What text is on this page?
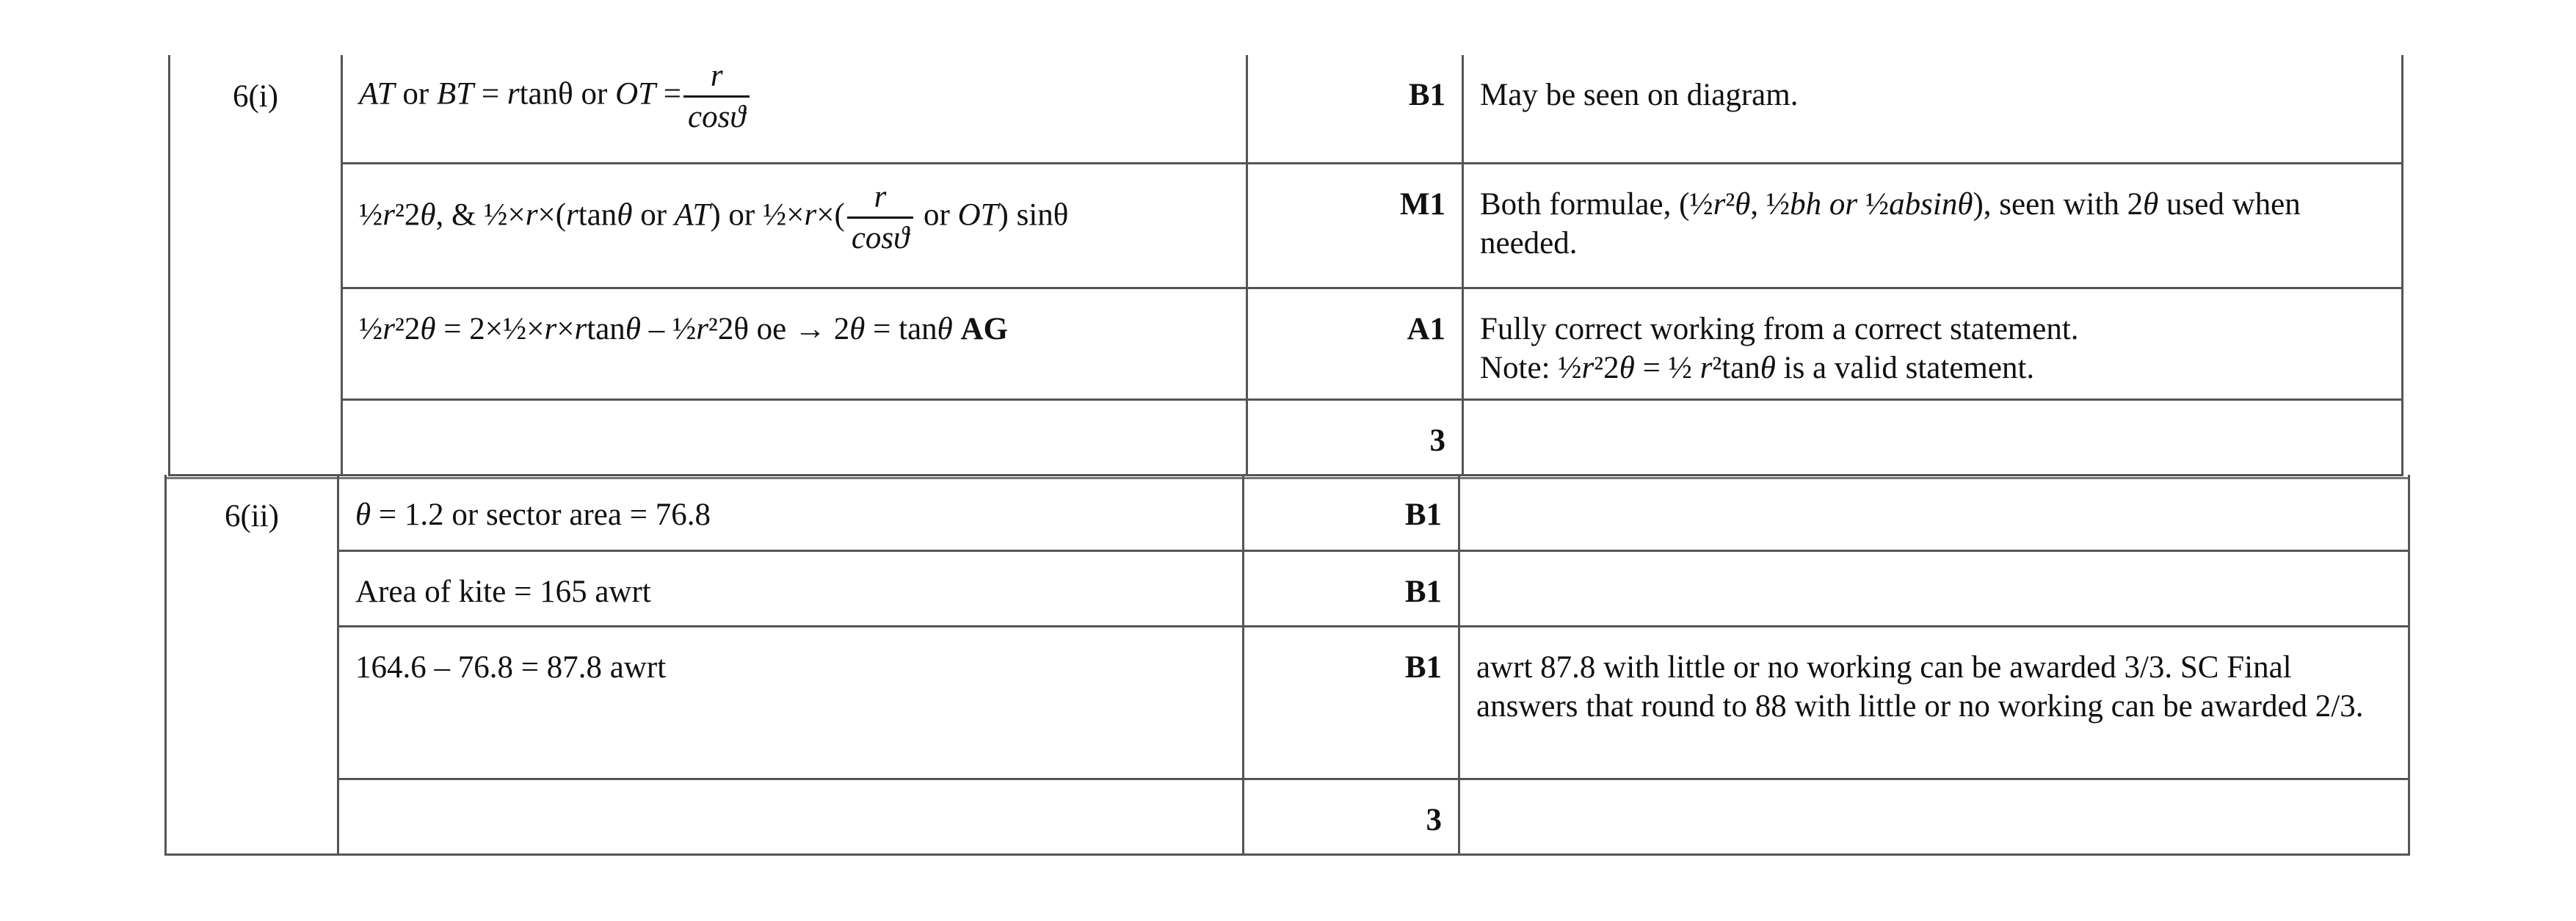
6(i)	AT or BT = rtanθ or OT = $\frac{r}{\cos ϑ}$	B1	May be seen on diagram.
	½r²2θ, & ½×r×(rtanθ or AT) or ½×r×( $\frac{r}{\cos ϑ}$ or OT) sinθ	M1	Both formulae, (½r²θ, ½bh or ½absinθ), seen with 2θ used when needed.
	½r²2θ = 2×½×r×rtanθ – ½r²2θ oe → 2θ = tanθ AG	A1	Fully correct working from a correct statement.
Note: ½r²2θ = ½ r²tanθ is a valid statement.
		3	
6(ii)	θ = 1.2 or sector area = 76.8	B1	
	Area of kite = 165 awrt	B1	
	164.6 – 76.8 = 87.8 awrt	B1	awrt 87.8 with little or no working can be awarded 3/3. SC Final answers that round to 88 with little or no working can be awarded 2/3.
		3	
